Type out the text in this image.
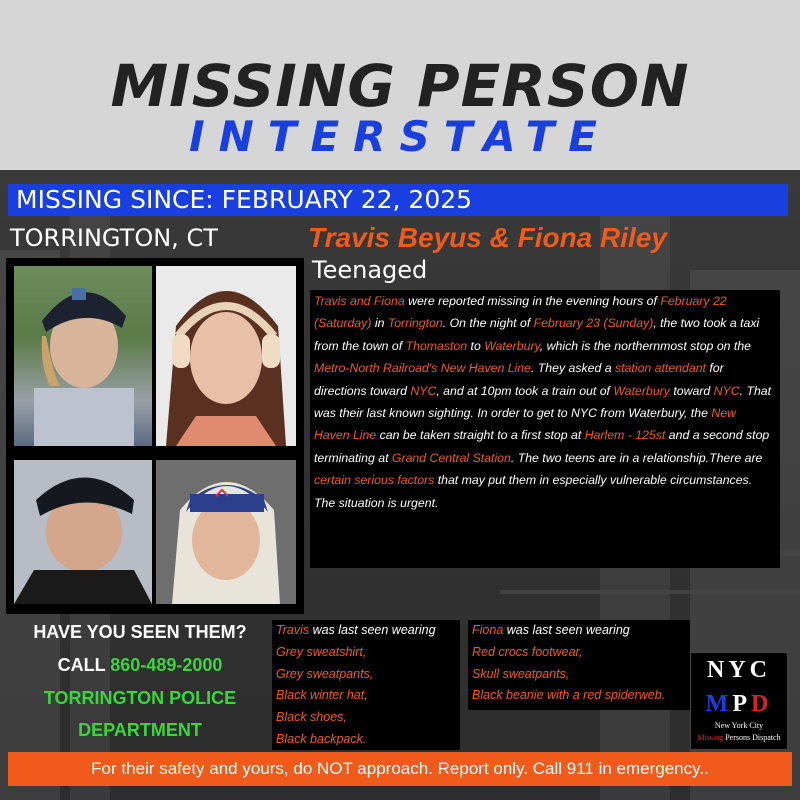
MISSING PERSON
INTERSTATE
MISSING SINCE: FEBRUARY 22, 2025
TORRINGTON, CT	Travis Beyus & Fiona Riley
Teenaged
Travis and Fiona were reported missing in the evening hours of February 22 (Saturday) in Torrington. On the night of February 23 (Sunday), the two took a taxi from the town of Thomaston to Waterbury, which is the northernmost stop on the Metro-North Railroad's New Haven Line. They asked a station attendant for directions toward NYC, and at 10pm took a train out of Waterbury toward NYC. That was their last known sighting. In order to get to NYC from Waterbury, the New Haven Line can be taken straight to a first stop at Harlem - 125st and a second stop terminating at Grand Central Station. The two teens are in a relationship.There are certain serious factors that may put them in especially vulnerable circumstances. The situation is urgent.
HAVE YOU SEEN THEM?
CALL 860-489-2000
TORRINGTON POLICE
DEPARTMENT
Travis was last seen wearing
Grey sweatshirt,
Grey sweatpants,
Black winter hat,
Black shoes,
Black backpack.
Fiona was last seen wearing
Red crocs footwear,
Skull sweatpants,
Black beanie with a red spiderweb.
NYC
MPD
New York City
Missing Persons Dispatch
For their safety and yours, do NOT approach. Report only. Call 911 in emergency..
